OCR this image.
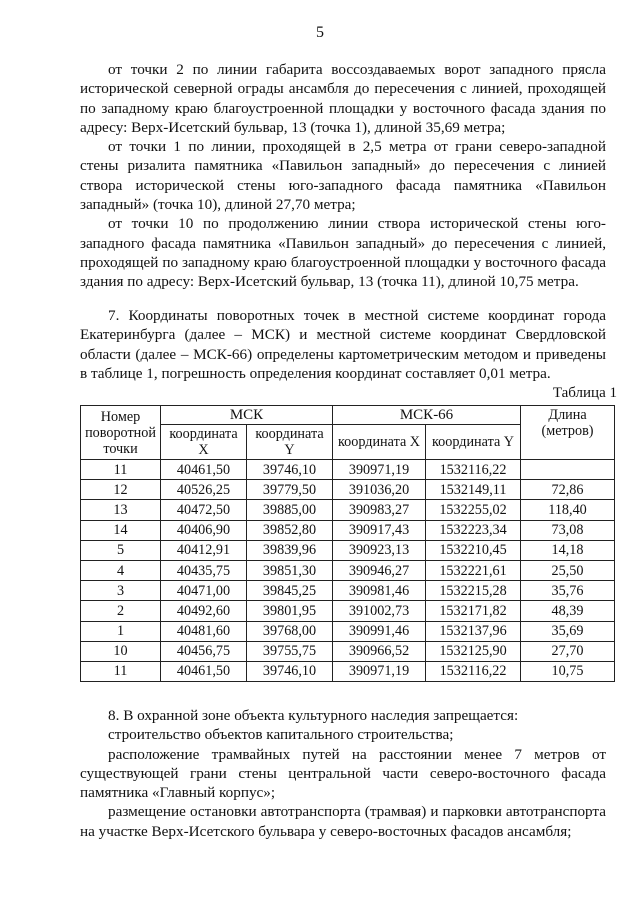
5

от точки 2 по линии габарита воссоздаваемых ворот западного прясла исторической северной ограды ансамбля до пересечения с линией, проходящей по западному краю благоустроенной площадки у восточного фасада здания по адресу: Верх-Исетский бульвар, 13 (точка 1), длиной 35,69 метра;

от точки 1 по линии, проходящей в 2,5 метра от грани северо-западной стены ризалита памятника «Павильон западный» до пересечения с линией створа исторической стены юго-западного фасада памятника «Павильон западный» (точка 10), длиной 27,70 метра;

от точки 10 по продолжению линии створа исторической стены юго-западного фасада памятника «Павильон западный» до пересечения с линией, проходящей по западному краю благоустроенной площадки у восточного фасада здания по адресу: Верх-Исетский бульвар, 13 (точка 11), длиной 10,75 метра.

7. Координаты поворотных точек в местной системе координат города Екатеринбурга (далее – МСК) и местной системе координат Свердловской области (далее – МСК-66) определены картометрическим методом и приведены в таблице 1, погрешность определения координат составляет 0,01 метра.

Таблица 1
Номер поворотной точки	МСК		МСК-66		Длина (метров)
	координата X	координата Y	координата X	координата Y	
11	40461,50	39746,10	390971,19	1532116,22	
12	40526,25	39779,50	391036,20	1532149,11	72,86
13	40472,50	39885,00	390983,27	1532255,02	118,40
14	40406,90	39852,80	390917,43	1532223,34	73,08
5	40412,91	39839,96	390923,13	1532210,45	14,18
4	40435,75	39851,30	390946,27	1532221,61	25,50
3	40471,00	39845,25	390981,46	1532215,28	35,76
2	40492,60	39801,95	391002,73	1532171,82	48,39
1	40481,60	39768,00	390991,46	1532137,96	35,69
10	40456,75	39755,75	390966,52	1532125,90	27,70
11	40461,50	39746,10	390971,19	1532116,22	10,75

8. В охранной зоне объекта культурного наследия запрещается:

строительство объектов капитального строительства;

расположение трамвайных путей на расстоянии менее 7 метров от существующей грани стены центральной части северо-восточного фасада памятника «Главный корпус»;

размещение остановки автотранспорта (трамвая) и парковки автотранспорта на участке Верх-Исетского бульвара у северо-восточных фасадов ансамбля;
